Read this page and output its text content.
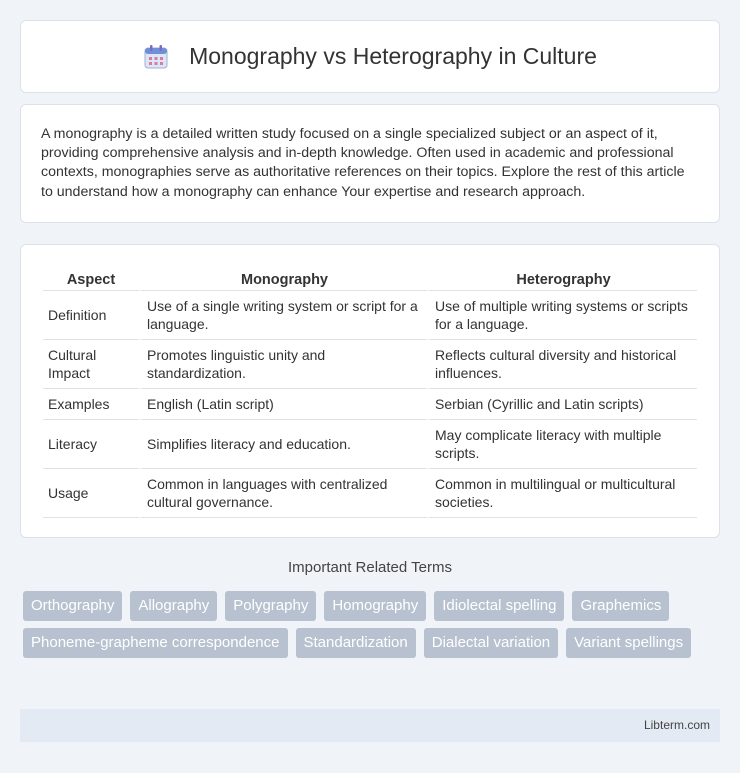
Monography vs Heterography in Culture

A monography is a detailed written study focused on a single specialized subject or an aspect of it, providing comprehensive analysis and in-depth knowledge. Often used in academic and professional contexts, monographies serve as authoritative references on their topics. Explore the rest of this article to understand how a monography can enhance Your expertise and research approach.

Aspect	Monography	Heterography
Definition	Use of a single writing system or script for a language.	Use of multiple writing systems or scripts for a language.
Cultural Impact	Promotes linguistic unity and standardization.	Reflects cultural diversity and historical influences.
Examples	English (Latin script)	Serbian (Cyrillic and Latin scripts)
Literacy	Simplifies literacy and education.	May complicate literacy with multiple scripts.
Usage	Common in languages with centralized cultural governance.	Common in multilingual or multicultural societies.
Important Related Terms
Orthography	Allography	Polygraphy	Homography	Idiolectal spelling	Graphemics
Phoneme-grapheme correspondence	Standardization	Dialectal variation	Variant spellings
Libterm.com
